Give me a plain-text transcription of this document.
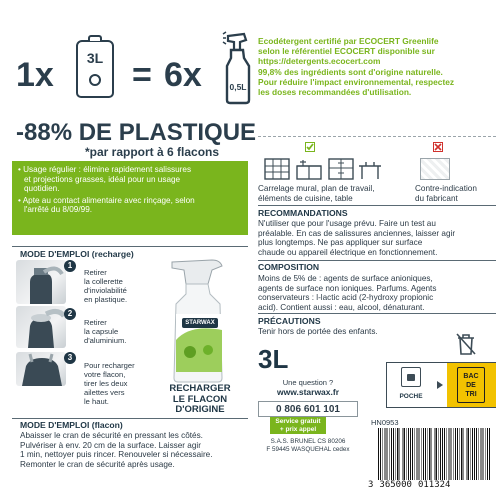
1x	3L = 6x	0,5L
Ecodétergent certifié par ECOCERT Greenlife
selon le référentiel ECOCERT disponible sur
https://detergents.ecocert.com
99,8% des ingrédients sont d'origine naturelle.
Pour réduire l'impact environnemental, respectez
les doses recommandées d'utilisation.
-88% DE PLASTIQUE
*par rapport à 6 flacons
Carrelage mural, plan de travail,
éléments de cuisine, table
Contre-indication
du fabricant

• Usage régulier : élimine rapidement salissures

et projections grasses, idéal pour un usage

quotidien.

• Apte au contact alimentaire avec rinçage, selon

l'arrêté du 8/09/99.	RECOMMANDATIONS
N'utiliser que pour l'usage prévu. Faire un test au
préalable. En cas de salissures anciennes, laisser agir
plus longtemps. Ne pas appliquer sur surface
chaude ou appareil électrique en fonctionnement.
COMPOSITION
Moins de 5% de : agents de surface anioniques,
agents de surface non ioniques. Parfums. Agents
conservateurs : l-lactic acid (2-hydroxy propionic
acid). Contient aussi : eau, alcool, dénaturant.
PRÉCAUTIONS
Tenir hors de portée des enfants.
MODE D'EMPLOI (recharge)
1
Retirer
la collerette
d'inviolabilité
en plastique.
2
Retirer
la capsule
d'aluminium.
3
Pour recharger
votre flacon,
tirer les deux
ailettes vers
le haut.
STARWAX
RECHARGER
LE FLACON
D'ORIGINE
MODE D'EMPLOI (flacon)
Abaisser le cran de sécurité en pressant les côtés.
Pulvériser à env. 20 cm de la surface. Laisser agir
1 min, nettoyer puis rincer. Renouveler si nécessaire.
Remonter le cran de sécurité après usage.
3L
Une question ?
www.starwax.fr
0 806 601 101
Service gratuit
+ prix appel
S.A.S. BRUNEL CS 80206
F 59445 WASQUEHAL cedex
POCHE
BAC
DE
TRI
HN0953
3 365000 011324
